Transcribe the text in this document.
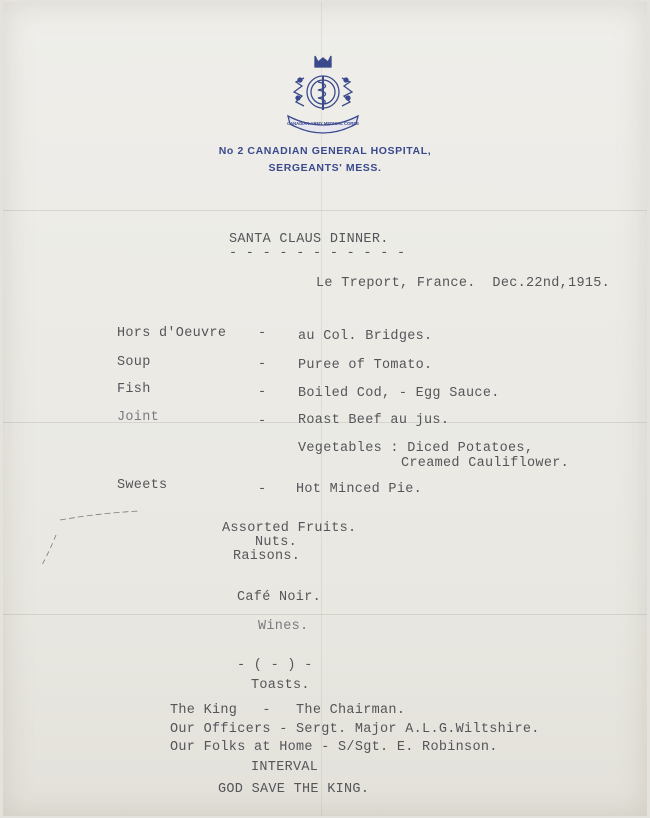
CANADIAN ARMY MEDICAL CORPS
No 2 CANADIAN GENERAL HOSPITAL,
SERGEANTS' MESS.
SANTA CLAUS DINNER.
- - - - - - - - - - -
Le Treport, France.  Dec.22nd,1915.
Hors d'Oeuvre - au Col. Bridges.
Soup	- Puree of Tomato.
Fish	- Boiled Cod, - Egg Sauce.
Joint	- Roast Beef au jus.
Vegetables : Diced Potatoes,
Creamed Cauliflower.
Sweets	- Hot Minced Pie.
Assorted Fruits.
Nuts.
Raisons.
Café Noir.
Wines.
- ( - ) -
Toasts.
The King   -   The Chairman.
Our Officers - Sergt. Major A.L.G.Wiltshire.
Our Folks at Home - S/Sgt. E. Robinson.
INTERVAL
GOD SAVE THE KING.
